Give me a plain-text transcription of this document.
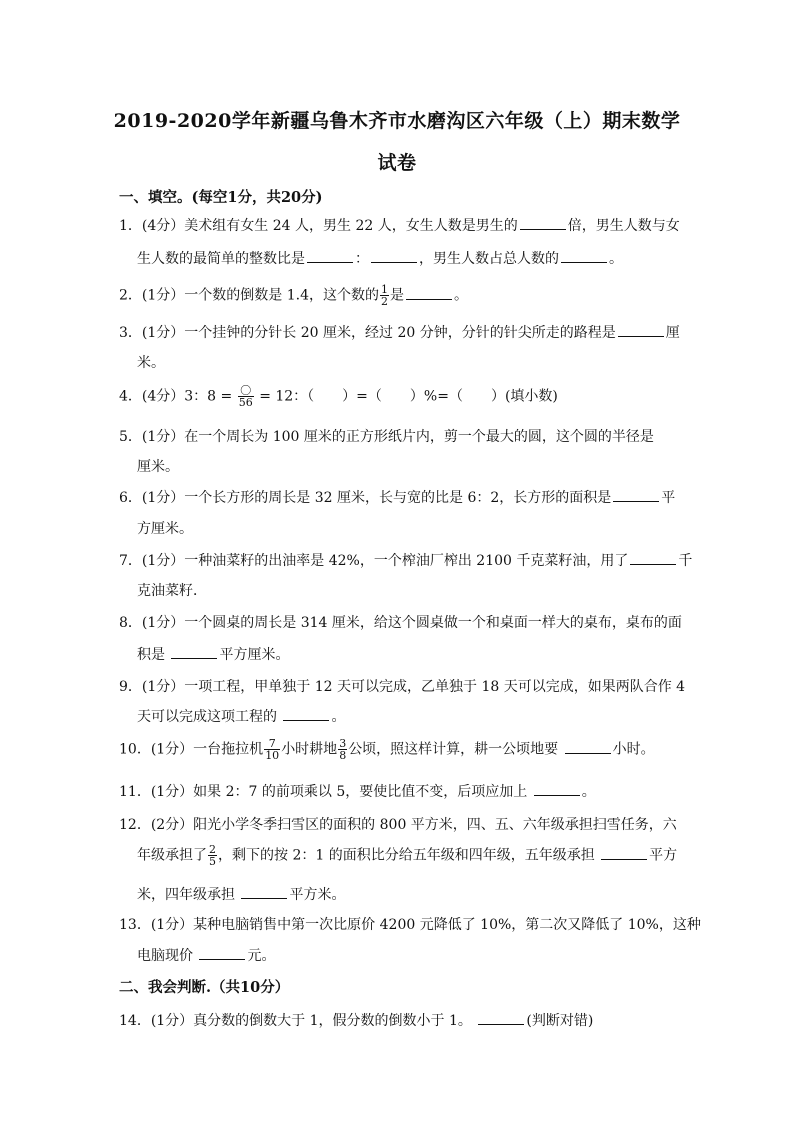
2019-2020学年新疆乌鲁木齐市水磨沟区六年级（上）期末数学
试卷
一、填空。(每空1分，共20分)
1．(4分）美术组有女生 24 人，男生 22 人，女生人数是男生的	倍，男生人数与女
生人数的最简单的整数比是	：	，男生人数占总人数的	。
2．(1分）一个数的倒数是 1.4，这个数的 $\frac{1}{2}$ 是	。
3．(1分）一个挂钟的分针长 20 厘米，经过 20 分钟，分针的针尖所走的路程是	厘
米。
4．(4分）3：$8 = \frac{\text{〇}}{56} = 12$：（　　）=（　　）%=（　　）(填小数)
5．(1分）在一个周长为 100 厘米的正方形纸片内，剪一个最大的圆，这个圆的半径是
厘米。
6．(1分）一个长方形的周长是 32 厘米，长与宽的比是 6：2，长方形的面积是	平
方厘米。
7．(1分）一种油菜籽的出油率是 42%，一个榨油厂榨出 2100 千克菜籽油，用了	千
克油菜籽．
8．(1分）一个圆桌的周长是 314 厘米，给这个圆桌做一个和桌面一样大的桌布，桌布的面
积是	平方厘米。
9．(1分）一项工程，甲单独于 12 天可以完成，乙单独于 18 天可以完成，如果两队合作 4
天可以完成这项工程的	。
10．(1分）一台拖拉机 $\frac{7}{10}$ 小时耕地 $\frac{3}{8}$ 公顷，照这样计算，耕一公顷地要	小时。
11．(1分）如果 2：7 的前项乘以 5，要使比值不变，后项应加上	。
12．(2分）阳光小学冬季扫雪区的面积的 800 平方米，四、五、六年级承担扫雪任务，六
年级承担了 $\frac{2}{5}$ ，剩下的按 2：1 的面积比分给五年级和四年级，五年级承担	平方
米，四年级承担	平方米。
13．(1分）某种电脑销售中第一次比原价 4200 元降低了 10%，第二次又降低了 10%，这种
电脑现价	元。
二、我会判断.（共10分）
14．(1分）真分数的倒数大于 1，假分数的倒数小于 1。	(判断对错)
